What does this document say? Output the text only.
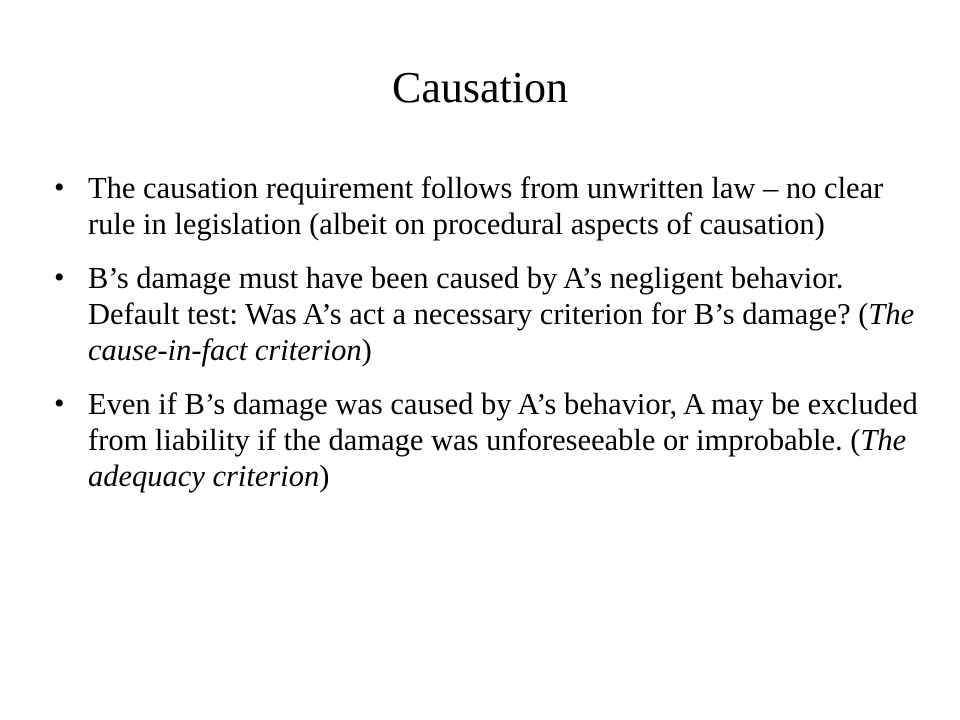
Causation
• The causation requirement follows from unwritten law – no clear rule in legislation (albeit on procedural aspects of causation)
• B’s damage must have been caused by A’s negligent behavior. Default test: Was A’s act a necessary criterion for B’s damage? (The cause-in-fact criterion)
• Even if B’s damage was caused by A’s behavior, A may be excluded from liability if the damage was unforeseeable or improbable. (The adequacy criterion)
